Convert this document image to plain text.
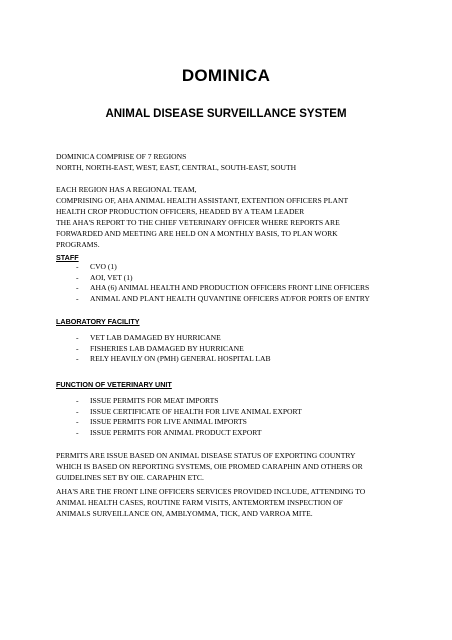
DOMINICA
ANIMAL DISEASE SURVEILLANCE SYSTEM
DOMINICA COMPRISE OF 7 REGIONS
NORTH, NORTH-EAST, WEST, EAST, CENTRAL, SOUTH-EAST, SOUTH
EACH REGION HAS A REGIONAL TEAM,
COMPRISING OF, AHA ANIMAL HEALTH ASSISTANT, EXTENTION OFFICERS PLANT
HEALTH CROP PRODUCTION OFFICERS, HEADED BY A TEAM LEADER
THE AHA'S REPORT TO THE CHIEF VETERINARY OFFICER WHERE REPORTS ARE
FORWARDED AND MEETING ARE HELD ON A MONTHLY BASIS, TO PLAN WORK
PROGRAMS.
STAFF
- CVO (1)
- AOI, VET (1)
- AHA (6) ANIMAL HEALTH AND PRODUCTION OFFICERS FRONT LINE OFFICERS
- ANIMAL AND PLANT HEALTH QUVANTINE OFFICERS AT/FOR PORTS OF ENTRY
LABORATORY FACILITY
- VET LAB DAMAGED BY HURRICANE
- FISHERIES LAB DAMAGED BY HURRICANE
- RELY HEAVILY ON (PMH) GENERAL HOSPITAL LAB
FUNCTION OF VETERINARY UNIT
- ISSUE PERMITS FOR MEAT IMPORTS
- ISSUE CERTIFICATE OF HEALTH FOR LIVE ANIMAL EXPORT
- ISSUE PERMITS FOR LIVE ANIMAL IMPORTS
- ISSUE PERMITS FOR ANIMAL PRODUCT EXPORT
PERMITS ARE ISSUE BASED ON ANIMAL DISEASE STATUS OF EXPORTING COUNTRY
WHICH IS BASED ON REPORTING SYSTEMS, OIE PROMED CARAPHIN AND OTHERS OR
GUIDELINES SET BY OIE. CARAPHIN ETC.
AHA'S ARE THE FRONT LINE OFFICERS SERVICES PROVIDED INCLUDE, ATTENDING TO
ANIMAL HEALTH CASES, ROUTINE FARM VISITS, ANTEMORTEM INSPECTION OF
ANIMALS SURVEILLANCE ON, AMBLYOMMA, TICK, AND VARROA MITE.
